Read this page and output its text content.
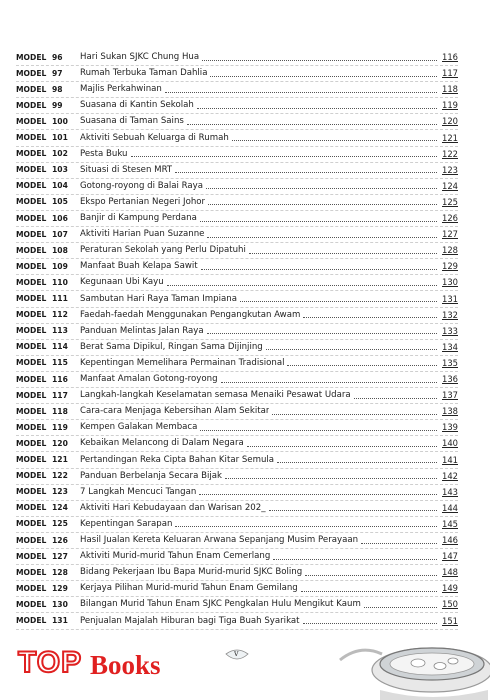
MODEL 96 Hari Sukan SJKC Chung Hua	116
MODEL 97 Rumah Terbuka Taman Dahlia	117
MODEL 98 Majlis Perkahwinan	118
MODEL 99 Suasana di Kantin Sekolah	119
MODEL 100 Suasana di Taman Sains	120
MODEL 101 Aktiviti Sebuah Keluarga di Rumah	121
MODEL 102 Pesta Buku	122
MODEL 103 Situasi di Stesen MRT	123
MODEL 104 Gotong-royong di Balai Raya	124
MODEL 105 Ekspo Pertanian Negeri Johor	125
MODEL 106 Banjir di Kampung Perdana	126
MODEL 107 Aktiviti Harian Puan Suzanne	127
MODEL 108 Peraturan Sekolah yang Perlu Dipatuhi	128
MODEL 109 Manfaat Buah Kelapa Sawit	129
MODEL 110 Kegunaan Ubi Kayu	130
MODEL 111 Sambutan Hari Raya Taman Impiana	131
MODEL 112 Faedah-faedah Menggunakan Pengangkutan Awam	132
MODEL 113 Panduan Melintas Jalan Raya	133
MODEL 114 Berat Sama Dipikul, Ringan Sama Dijinjing	134
MODEL 115 Kepentingan Memelihara Permainan Tradisional	135
MODEL 116 Manfaat Amalan Gotong-royong	136
MODEL 117 Langkah-langkah Keselamatan semasa Menaiki Pesawat Udara	137
MODEL 118 Cara-cara Menjaga Kebersihan Alam Sekitar	138
MODEL 119 Kempen Galakan Membaca	139
MODEL 120 Kebaikan Melancong di Dalam Negara	140
MODEL 121 Pertandingan Reka Cipta Bahan Kitar Semula	141
MODEL 122 Panduan Berbelanja Secara Bijak	142
MODEL 123 7 Langkah Mencuci Tangan	143
MODEL 124 Aktiviti Hari Kebudayaan dan Warisan 202_	144
MODEL 125 Kepentingan Sarapan	145
MODEL 126 Hasil Jualan Kereta Keluaran Arwana Sepanjang Musim Perayaan	146
MODEL 127 Aktiviti Murid-murid Tahun Enam Cemerlang	147
MODEL 128 Bidang Pekerjaan Ibu Bapa Murid-murid SJKC Boling	148
MODEL 129 Kerjaya Pilihan Murid-murid Tahun Enam Gemilang	149
MODEL 130 Bilangan Murid Tahun Enam SJKC Pengkalan Hulu Mengikut Kaum	150
MODEL 131 Penjualan Majalah Hiburan bagi Tiga Buah Syarikat	151
TOP Books	v
